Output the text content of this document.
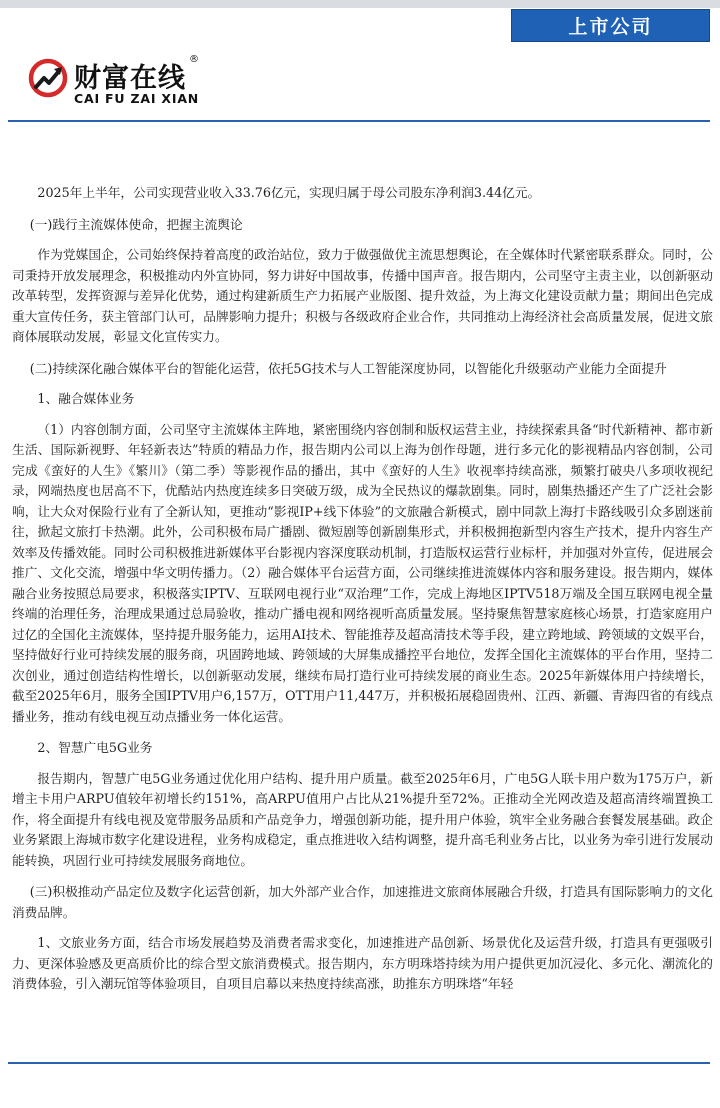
上市公司
财富在线
®
CAI FU ZAI XIAN

2025年上半年，公司实现营业收入33.76亿元，实现归属于母公司股东净利润3.44亿元。

(一)践行主流媒体使命，把握主流舆论

作为党媒国企，公司始终保持着高度的政治站位，致力于做强做优主流思想舆论，在全媒体时代紧密联系群众。同时，公司秉持开放发展理念，积极推动内外宣协同，努力讲好中国故事，传播中国声音。报告期内，公司坚守主责主业，以创新驱动改革转型，发挥资源与差异化优势，通过构建新质生产力拓展产业版图、提升效益，为上海文化建设贡献力量；期间出色完成重大宣传任务，获主管部门认可，品牌影响力提升；积极与各级政府企业合作，共同推动上海经济社会高质量发展，促进文旅商体展联动发展，彰显文化宣传实力。

(二)持续深化融合媒体平台的智能化运营，依托5G技术与人工智能深度协同，以智能化升级驱动产业能力全面提升

1、融合媒体业务

（1）内容创制方面，公司坚守主流媒体主阵地，紧密围绕内容创制和版权运营主业，持续探索具备“时代新精神、都市新生活、国际新视野、年轻新表达”特质的精品力作，报告期内公司以上海为创作母题，进行多元化的影视精品内容创制，公司完成《蛮好的人生》《繁川》（第二季）等影视作品的播出，其中《蛮好的人生》收视率持续高涨，频繁打破央八多项收视纪录，网端热度也居高不下，优酷站内热度连续多日突破万级，成为全民热议的爆款剧集。同时，剧集热播还产生了广泛社会影响，让大众对保险行业有了全新认知，更推动“影视IP+线下体验”的文旅融合新模式，剧中同款上海打卡路线吸引众多剧迷前往，掀起文旅打卡热潮。此外，公司积极布局广播剧、微短剧等创新剧集形式，并积极拥抱新型内容生产技术，提升内容生产效率及传播效能。同时公司积极推进新媒体平台影视内容深度联动机制，打造版权运营行业标杆，并加强对外宣传，促进展会推广、文化交流，增强中华文明传播力。（2）融合媒体平台运营方面，公司继续推进流媒体内容和服务建设。报告期内，媒体融合业务按照总局要求，积极落实IPTV、互联网电视行业“双治理”工作，完成上海地区IPTV518万端及全国互联网电视全量终端的治理任务，治理成果通过总局验收，推动广播电视和网络视听高质量发展。坚持聚焦智慧家庭核心场景，打造家庭用户过亿的全国化主流媒体，坚持提升服务能力，运用AI技术、智能推荐及超高清技术等手段，建立跨地域、跨领域的文娱平台，坚持做好行业可持续发展的服务商，巩固跨地域、跨领域的大屏集成播控平台地位，发挥全国化主流媒体的平台作用，坚持二次创业，通过创造结构性增长，以创新驱动发展，继续布局打造行业可持续发展的商业生态。2025年新媒体用户持续增长，截至2025年6月，服务全国IPTV用户6,157万，OTT用户11,447万，并积极拓展稳固贵州、江西、新疆、青海四省的有线点播业务，推动有线电视互动点播业务一体化运营。

2、智慧广电5G业务

报告期内，智慧广电5G业务通过优化用户结构、提升用户质量。截至2025年6月，广电5G人联卡用户数为175万户，新增主卡用户ARPU值较年初增长约151%，高ARPU值用户占比从21%提升至72%。正推动全光网改造及超高清终端置换工作，将全面提升有线电视及宽带服务品质和产品竞争力，增强创新功能，提升用户体验，筑牢全业务融合套餐发展基础。政企业务紧跟上海城市数字化建设进程，业务构成稳定，重点推进收入结构调整，提升高毛利业务占比，以业务为牵引进行发展动能转换，巩固行业可持续发展服务商地位。

(三)积极推动产品定位及数字化运营创新，加大外部产业合作，加速推进文旅商体展融合升级，打造具有国际影响力的文化消费品牌。

1、文旅业务方面，结合市场发展趋势及消费者需求变化，加速推进产品创新、场景优化及运营升级，打造具有更强吸引力、更深体验感及更高质价比的综合型文旅消费模式。报告期内，东方明珠塔持续为用户提供更加沉浸化、多元化、潮流化的消费体验，引入潮玩馆等体验项目，自项目启幕以来热度持续高涨，助推东方明珠塔“年轻
